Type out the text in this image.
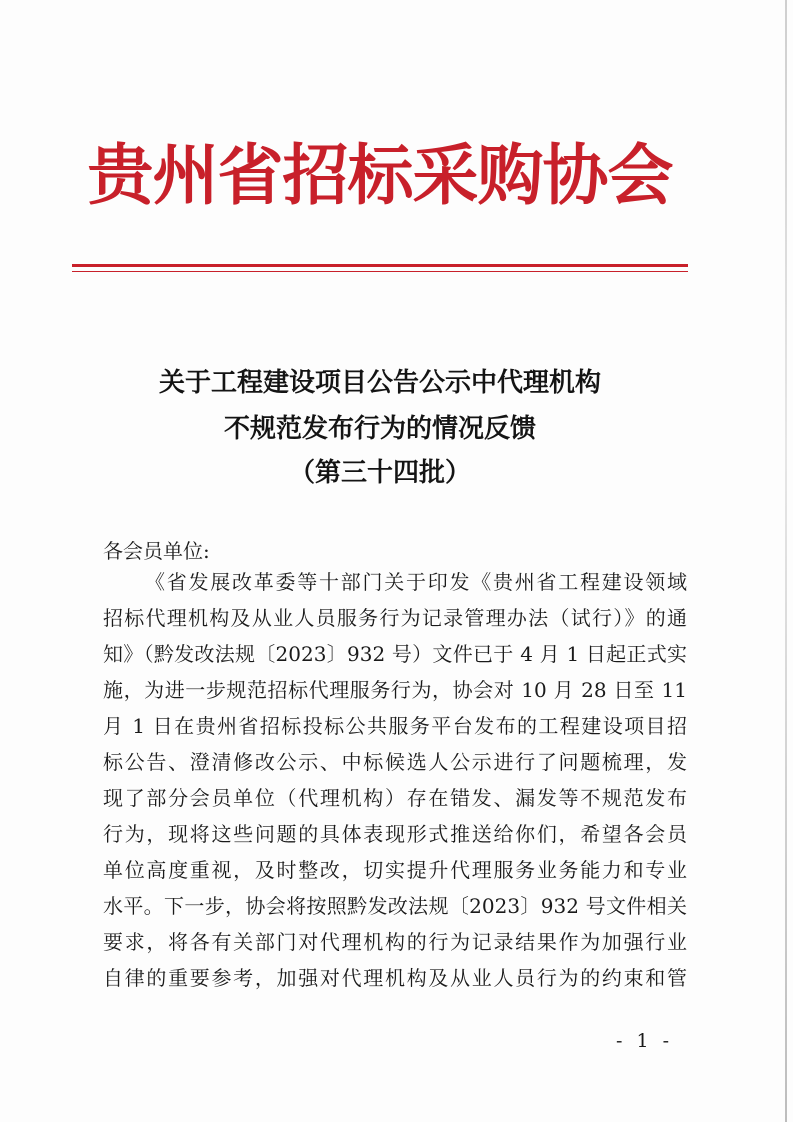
贵州省招标采购协会
关于工程建设项目公告公示中代理机构
不规范发布行为的情况反馈
（第三十四批）
各会员单位:
《省发展改革委等十部门关于印发《贵州省工程建设领域
招标代理机构及从业人员服务行为记录管理办法（试行）》的通
知》（黔发改法规〔2023〕932 号）文件已于 4 月 1 日起正式实
施，为进一步规范招标代理服务行为，协会对 10 月 28 日至 11
月 1 日在贵州省招标投标公共服务平台发布的工程建设项目招
标公告、澄清修改公示、中标候选人公示进行了问题梳理，发
现了部分会员单位（代理机构）存在错发、漏发等不规范发布
行为，现将这些问题的具体表现形式推送给你们，希望各会员
单位高度重视，及时整改，切实提升代理服务业务能力和专业
水平。下一步，协会将按照黔发改法规〔2023〕932 号文件相关
要求，将各有关部门对代理机构的行为记录结果作为加强行业
自律的重要参考，加强对代理机构及从业人员行为的约束和管
- 1 -
